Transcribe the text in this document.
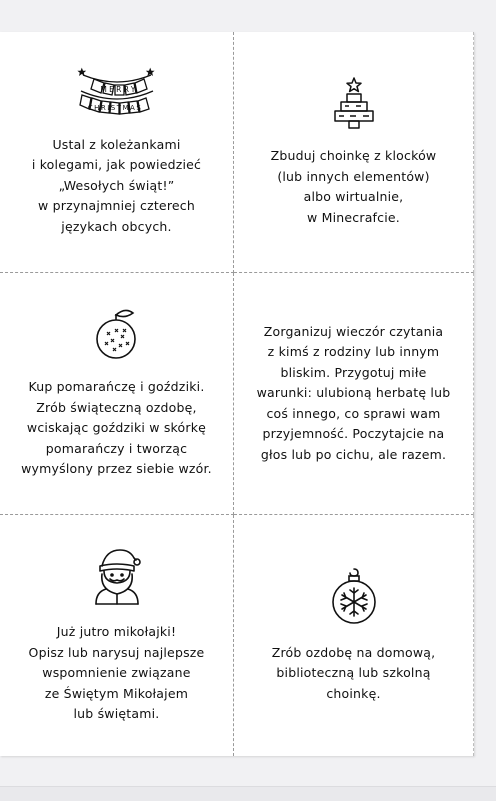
MERRY
CHRISTMAS
Ustal z koleżankami
i kolegami, jak powiedzieć
„Wesołych świąt!”
w przynajmniej czterech
językach obcych.
Zbuduj choinkę z klocków
(lub innych elementów)
albo wirtualnie,
w Minecrafcie.
Kup pomarańczę i goździki.
Zrób świąteczną ozdobę,
wciskając goździki w skórkę
pomarańczy i tworząc
wymyślony przez siebie wzór.
Zorganizuj wieczór czytania
z kimś z rodziny lub innym
bliskim. Przygotuj miłe
warunki: ulubioną herbatę lub
coś innego, co sprawi wam
przyjemność. Poczytajcie na
głos lub po cichu, ale razem.
Już jutro mikołajki!
Opisz lub narysuj najlepsze
wspomnienie związane
ze Świętym Mikołajem
lub świętami.
Zrób ozdobę na domową,
biblioteczną lub szkolną
choinkę.
